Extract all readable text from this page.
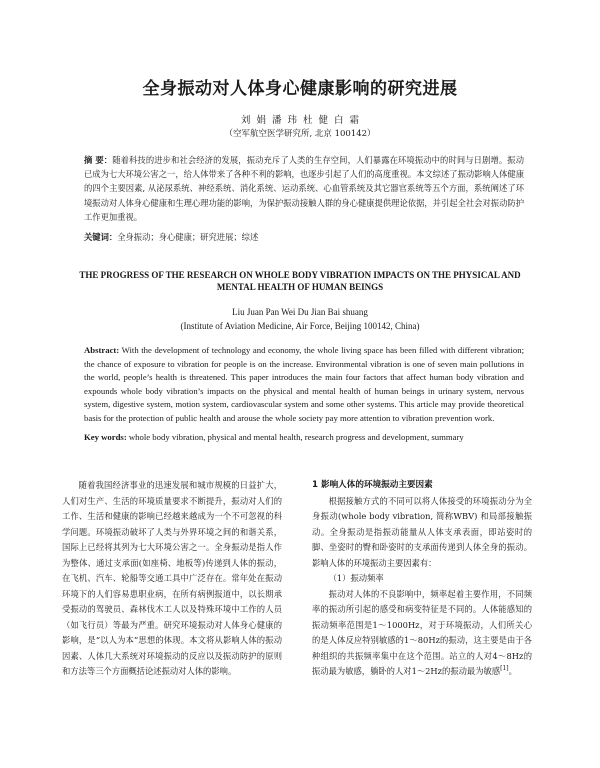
全身振动对人体身心健康影响的研究进展
刘 娟 潘 玮 杜 健 白 霜
（空军航空医学研究所, 北京 100142）

摘 要：随着科技的进步和社会经济的发展，振动充斥了人类的生存空间，人们暴露在环境振动中的时间与日剧增。振动已成为七大环境公害之一，给人体带来了各种不利的影响，也逐步引起了人们的高度重视。本文综述了振动影响人体健康的四个主要因素, 从泌尿系统、神经系统、消化系统、运动系统、心血管系统及其它器官系统等五个方面，系统阐述了环境振动对人体身心健康和生理心理功能的影响，为保护振动接触人群的身心健康提供理论依据，并引起全社会对振动防护工作更加重视。

关键词：全身振动；身心健康；研究进展；综述

THE PROGRESS OF THE RESEARCH ON WHOLE BODY VIBRATION IMPACTS ON THE PHYSICAL AND MENTAL HEALTH OF HUMAN BEINGS
Liu Juan Pan Wei Du Jian Bai shuang
(Institute of Aviation Medicine, Air Force, Beijing 100142, China)

Abstract: With the development of technology and economy, the whole living space has been filled with different vibration; the chance of exposure to vibration for people is on the increase. Environmental vibration is one of seven main pollutions in the world, people’s health is threatened. This paper introduces the main four factors that affect human body vibration and expounds whole body vibration’s impacts on the physical and mental health of human beings in urinary system, nervous system, digestive system, motion system, cardiovascular system and some other systems. This article may provide theoretical basis for the protection of public health and arouse the whole society pay more attention to vibration prevention work.

Key words: whole body vibration, physical and mental health, research progress and development, summary

随着我国经济事业的迅速发展和城市规模的日益扩大，人们对生产、生活的环境质量要求不断提升，振动对人们的工作、生活和健康的影响已经越来越成为一个不可忽视的科学问题。环境振动破坏了人类与外界环境之间的和谐关系，国际上已经将其列为七大环境公害之一。全身振动是指人作为整体、通过支承面(如座椅、地板等)传递到人体的振动，在飞机、汽车、轮船等交通工具中广泛存在。常年处在振动环境下的人们容易患职业病，在所有病例报道中，以长期承受振动的驾驶员、森林伐木工人以及特殊环境中工作的人员（如飞行员）等最为严重。研究环境振动对人体身心健康的影响，是“以人为本”思想的体现。本文将从影响人体的振动因素、人体几大系统对环境振动的反应以及振动防护的原则和方法等三个方面概括论述振动对人体的影响。

1 影响人体的环境振动主要因素

根据接触方式的不同可以将人体接受的环境振动分为全身振动(whole body vibration, 简称WBV) 和局部接触振动。全身振动是指振动能量从人体支承表面，即站姿时的脚、坐姿时的臀和卧姿时的支承面传递到人体全身的振动。影响人体的环境振动主要因素有：

（1）振动频率

振动对人体的不良影响中，频率起着主要作用，不同频率的振动所引起的感受和病变特征是不同的。人体能感知的振动频率范围是1～1000Hz，对于环境振动，人们所关心的是人体反应特别敏感的1～80Hz的振动，这主要是由于各种组织的共振频率集中在这个范围。站立的人对4～8Hz的振动最为敏感，躺卧的人对1～2Hz的振动最为敏感[1]。
